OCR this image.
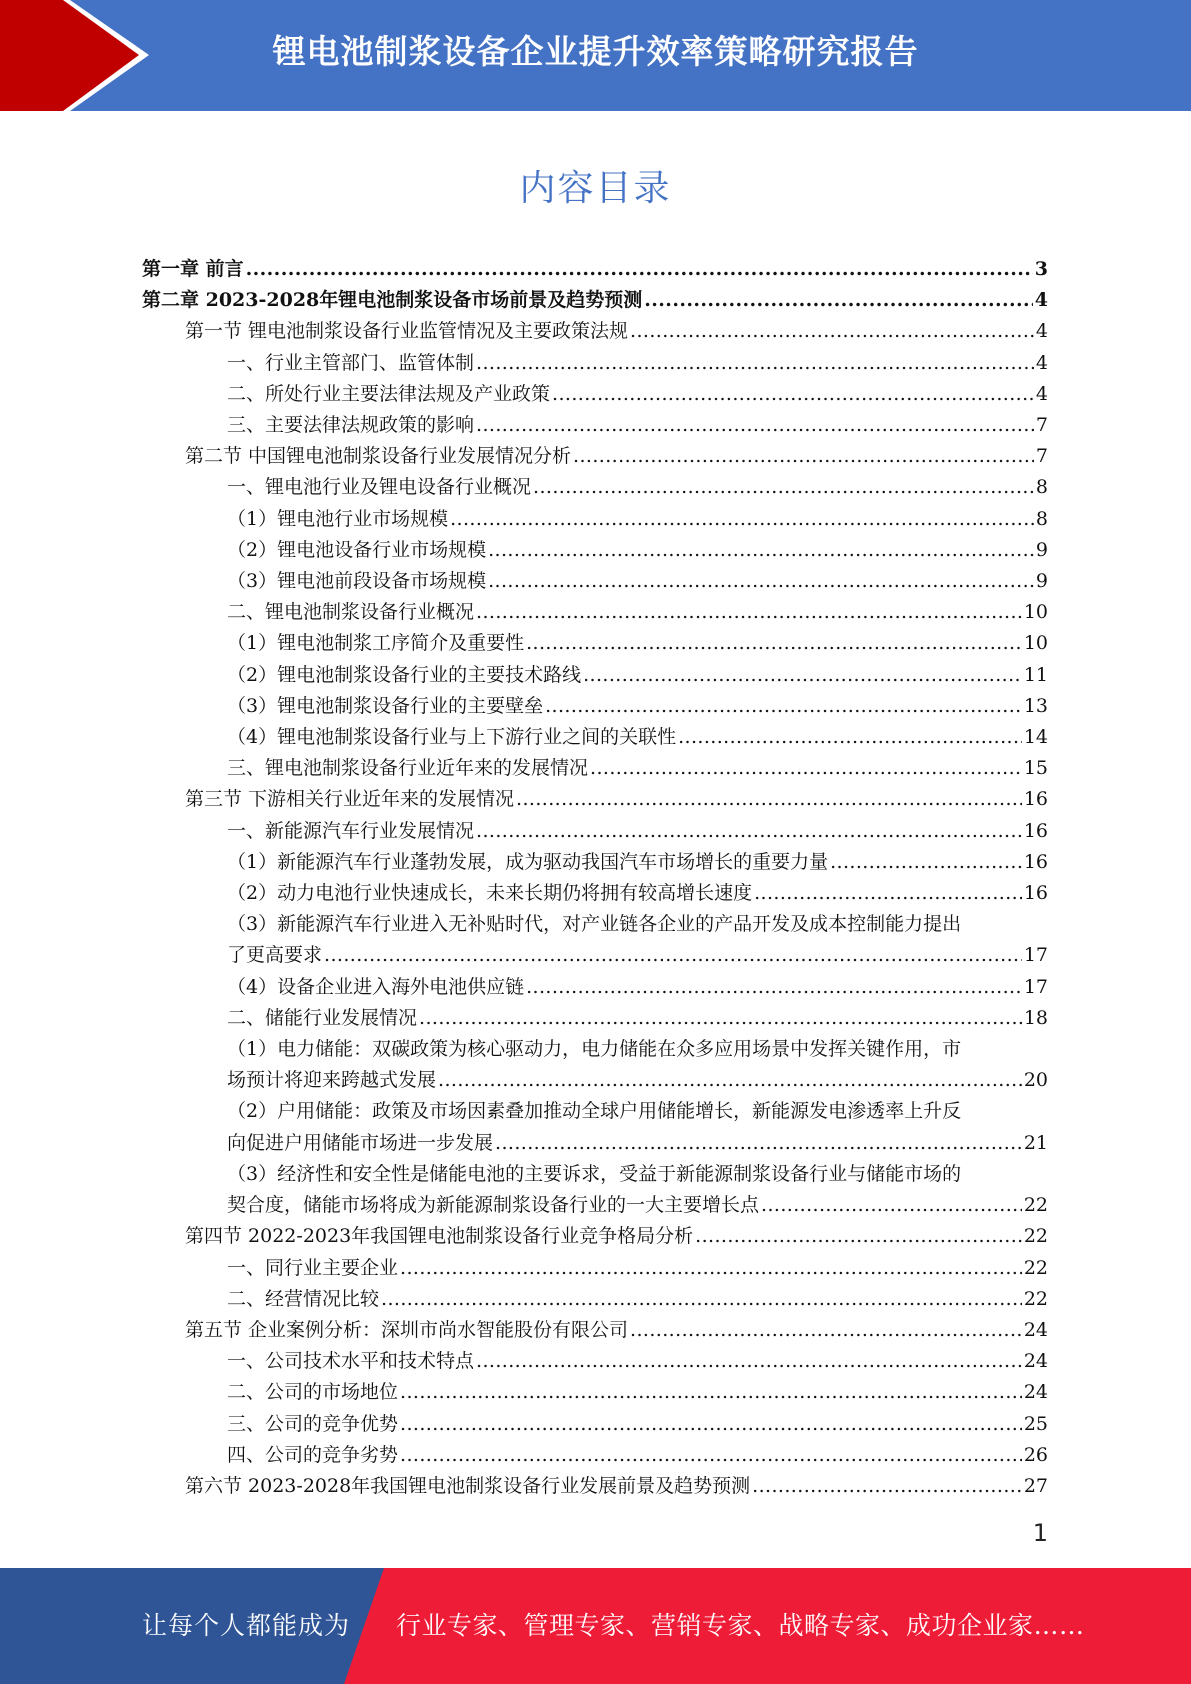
锂电池制浆设备企业提升效率策略研究报告
内容目录
第一章 前言 .....	3
第二章 2023-2028年锂电池制浆设备市场前景及趋势预测 .....	4
第一节 锂电池制浆设备行业监管情况及主要政策法规 .....	4
一、行业主管部门、监管体制 .....	4
二、所处行业主要法律法规及产业政策 .....	4
三、主要法律法规政策的影响 .....	7
第二节 中国锂电池制浆设备行业发展情况分析 .....	7
一、锂电池行业及锂电设备行业概况 .....	8
（1）锂电池行业市场规模 .....	8
（2）锂电池设备行业市场规模 .....	9
（3）锂电池前段设备市场规模 .....	9
二、锂电池制浆设备行业概况 .....	10
（1）锂电池制浆工序简介及重要性 .....	10
（2）锂电池制浆设备行业的主要技术路线 .....	11
（3）锂电池制浆设备行业的主要壁垒 .....	13
（4）锂电池制浆设备行业与上下游行业之间的关联性 .....	14
三、锂电池制浆设备行业近年来的发展情况 .....	15
第三节 下游相关行业近年来的发展情况 .....	16
一、新能源汽车行业发展情况 .....	16
（1）新能源汽车行业蓬勃发展，成为驱动我国汽车市场增长的重要力量 .....	16
（2）动力电池行业快速成长，未来长期仍将拥有较高增长速度 .....	16
（3）新能源汽车行业进入无补贴时代，对产业链各企业的产品开发及成本控制能力提出
了更高要求 .....	17
（4）设备企业进入海外电池供应链 .....	17
二、储能行业发展情况 .....	18
（1）电力储能：双碳政策为核心驱动力，电力储能在众多应用场景中发挥关键作用，市
场预计将迎来跨越式发展 .....	20
（2）户用储能：政策及市场因素叠加推动全球户用储能增长，新能源发电渗透率上升反
向促进户用储能市场进一步发展 .....	21
（3）经济性和安全性是储能电池的主要诉求，受益于新能源制浆设备行业与储能市场的
契合度，储能市场将成为新能源制浆设备行业的一大主要增长点 .....	22
第四节 2022-2023年我国锂电池制浆设备行业竞争格局分析 .....	22
一、同行业主要企业 .....	22
二、经营情况比较 .....	22
第五节 企业案例分析：深圳市尚水智能股份有限公司 .....	24
一、公司技术水平和技术特点 .....	24
二、公司的市场地位 .....	24
三、公司的竞争优势 .....	25
四、公司的竞争劣势 .....	26
第六节 2023-2028年我国锂电池制浆设备行业发展前景及趋势预测 .....	27
1
让每个人都能成为 行业专家、管理专家、营销专家、战略专家、成功企业家……
